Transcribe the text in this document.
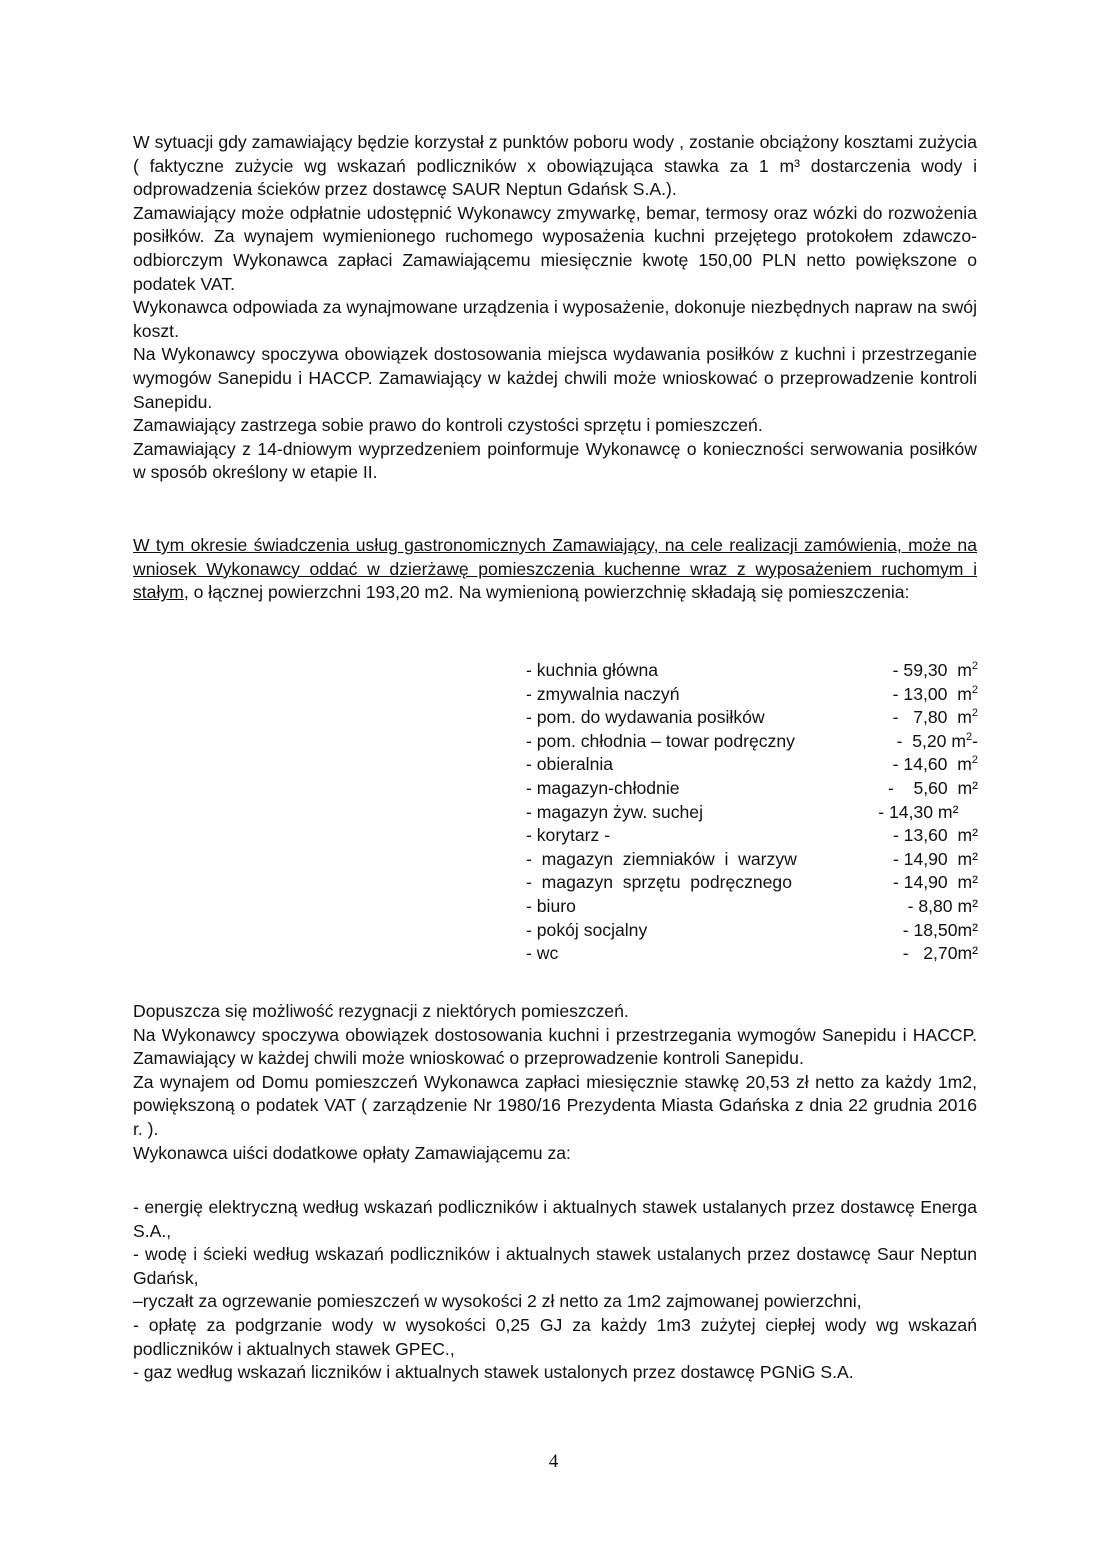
W sytuacji gdy zamawiający będzie korzystał z punktów poboru wody , zostanie obciążony kosztami zużycia ( faktyczne zużycie wg wskazań podliczników x obowiązująca stawka za 1 m³ dostarczenia wody i odprowadzenia ścieków przez dostawcę SAUR Neptun Gdańsk S.A.).

Zamawiający może odpłatnie udostępnić Wykonawcy zmywarkę, bemar, termosy oraz wózki do rozwożenia posiłków. Za wynajem wymienionego ruchomego wyposażenia kuchni przejętego protokołem zdawczo-odbiorczym Wykonawca zapłaci Zamawiającemu miesięcznie kwotę 150,00 PLN netto powiększone o podatek VAT.

Wykonawca odpowiada za wynajmowane urządzenia i wyposażenie, dokonuje niezbędnych napraw na swój koszt.

Na Wykonawcy spoczywa obowiązek dostosowania miejsca wydawania posiłków z kuchni i przestrzeganie wymogów Sanepidu i HACCP. Zamawiający w każdej chwili może wnioskować o przeprowadzenie kontroli Sanepidu.

Zamawiający zastrzega sobie prawo do kontroli czystości sprzętu i pomieszczeń.

Zamawiający z 14-dniowym wyprzedzeniem poinformuje Wykonawcę o konieczności serwowania posiłków w sposób określony w etapie II.

W tym okresie świadczenia usług gastronomicznych Zamawiający, na cele realizacji zamówienia, może na wniosek Wykonawcy oddać w dzierżawę pomieszczenia kuchenne wraz z wyposażeniem ruchomym i stałym, o łącznej powierzchni 193,20 m2. Na wymienioną powierzchnię składają się pomieszczenia:

- kuchnia główna	- 59,30  $m^2$
- zmywalnia naczyń	- 13,00  $m^2$
- pom. do wydawania posiłków	-   7,80  $m^2$
- pom. chłodnia – towar podręczny	-  5,20 $m^2-$
- obieralnia	- 14,60  $m^2$
- magazyn-chłodnie	-    5,60  m²
- magazyn żyw. suchej	- 14,30 m²
- korytarz -	- 13,60  m²
-  magazyn  ziemniaków  i  warzyw	- 14,90  m²
-  magazyn  sprzętu  podręcznego	- 14,90  m²
- biuro	- 8,80 m²
- pokój socjalny	- 18,50m²
- wc	-   2,70m²

Dopuszcza się możliwość rezygnacji z niektórych pomieszczeń.

Na Wykonawcy spoczywa obowiązek dostosowania kuchni i przestrzegania wymogów Sanepidu i HACCP. Zamawiający w każdej chwili może wnioskować o przeprowadzenie kontroli Sanepidu.

Za wynajem od Domu pomieszczeń Wykonawca zapłaci miesięcznie stawkę 20,53 zł netto za każdy 1m2, powiększoną o podatek VAT ( zarządzenie Nr 1980/16 Prezydenta Miasta Gdańska z dnia 22 grudnia 2016 r. ).

Wykonawca uiści dodatkowe opłaty Zamawiającemu za:

- energię elektryczną według wskazań podliczników i aktualnych stawek ustalanych przez dostawcę Energa S.A.,

- wodę i ścieki według wskazań podliczników i aktualnych stawek ustalanych przez dostawcę Saur Neptun Gdańsk,

–ryczałt za ogrzewanie pomieszczeń w wysokości 2 zł netto za 1m2 zajmowanej powierzchni,

- opłatę za podgrzanie wody w wysokości 0,25 GJ za każdy 1m3 zużytej ciepłej wody wg wskazań podliczników i aktualnych stawek GPEC.,

- gaz według wskazań liczników i aktualnych stawek ustalonych przez dostawcę PGNiG S.A.

4
